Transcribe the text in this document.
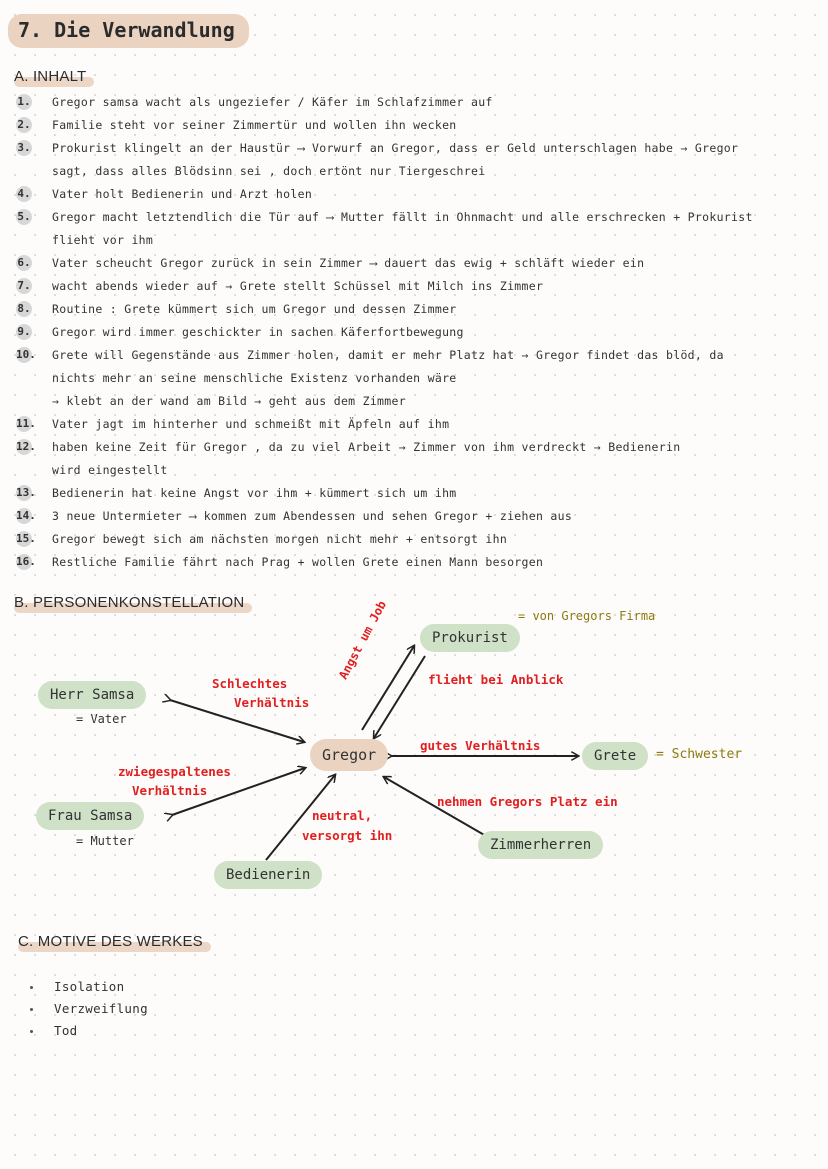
7. Die Verwandlung
A. INHALT
1. Gregor samsa wacht als ungeziefer / Käfer im Schlafzimmer auf
2. Familie steht vor seiner Zimmertür und wollen ihn wecken
3. Prokurist klingelt an der Haustür ⟶ Vorwurf an Gregor, dass er Geld unterschlagen habe → Gregor
sagt, dass alles Blödsinn sei , doch ertönt nur Tiergeschrei
4. Vater holt Bedienerin und Arzt holen
5. Gregor macht letztendlich die Tür auf ⟶ Mutter fällt in Ohnmacht und alle erschrecken + Prokurist
flieht vor ihm
6. Vater scheucht Gregor zurück in sein Zimmer ⟶ dauert das ewig + schläft wieder ein
7. wacht abends wieder auf → Grete stellt Schüssel mit Milch ins Zimmer
8. Routine : Grete kümmert sich um Gregor und dessen Zimmer
9. Gregor wird immer geschickter in sachen Käferfortbewegung
10. Grete will Gegenstände aus Zimmer holen, damit er mehr Platz hat → Gregor findet das blöd, da
nichts mehr an seine menschliche Existenz vorhanden wäre
→ klebt an der wand am Bild → geht aus dem Zimmer
11. Vater jagt im hinterher und schmeißt mit Äpfeln auf ihm
12. haben keine Zeit für Gregor , da zu viel Arbeit → Zimmer von ihm verdreckt → Bedienerin
wird eingestellt
13. Bedienerin hat keine Angst vor ihm + kümmert sich um ihm
14. 3 neue Untermieter ⟶ kommen zum Abendessen und sehen Gregor + ziehen aus
15. Gregor bewegt sich am nächsten morgen nicht mehr + entsorgt ihn
16. Restliche Familie fährt nach Prag + wollen Grete einen Mann besorgen
B. PERSONENKONSTELLATION
Gregor
Herr Samsa
= Vater
Frau Samsa
= Mutter
Prokurist
= von Gregors Firma
Grete	= Schwester
Bedienerin
Zimmerherren
Schlechtes
Verhältnis
zwiegespaltenes
Verhältnis
Angst um Job	flieht bei Anblick
gutes Verhältnis
nehmen Gregors Platz ein
neutral,
versorgt ihn
C. MOTIVE DES WERKES
Isolation
Verzweiflung
Tod
